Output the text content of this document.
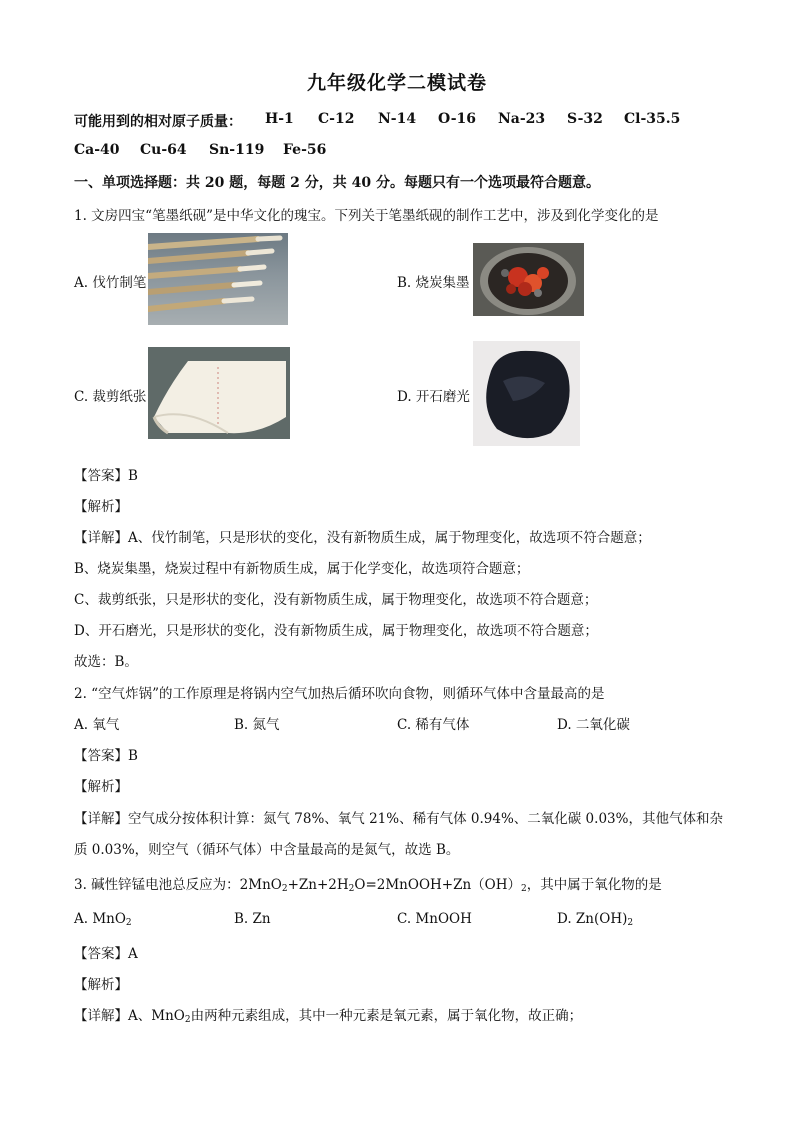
九年级化学二模试卷
可能用到的相对原子质量： H-1 C-12 N-14 O-16 Na-23 S-32 Cl-35.5
Ca-40 Cu-64 Sn-119 Fe-56
一、单项选择题：共 20 题，每题 2 分，共 40 分。每题只有一个选项最符合题意。
1. 文房四宝“笔墨纸砚”是中华文化的瑰宝。下列关于笔墨纸砚的制作工艺中，涉及到化学变化的是
A. 伐竹制笔	B. 烧炭集墨
C. 裁剪纸张	D. 开石磨光
【答案】B
【解析】
【详解】A、伐竹制笔，只是形状的变化，没有新物质生成，属于物理变化，故选项不符合题意；
B、烧炭集墨，烧炭过程中有新物质生成，属于化学变化，故选项符合题意；
C、裁剪纸张，只是形状的变化，没有新物质生成，属于物理变化，故选项不符合题意；
D、开石磨光，只是形状的变化，没有新物质生成，属于物理变化，故选项不符合题意；
故选：B。
2. “空气炸锅”的工作原理是将锅内空气加热后循环吹向食物，则循环气体中含量最高的是
A. 氧气	B. 氮气	C. 稀有气体	D. 二氧化碳
【答案】B
【解析】
【详解】空气成分按体积计算：氮气 78%、氧气 21%、稀有气体 0.94%、二氧化碳 0.03%，其他气体和杂
质 0.03%，则空气（循环气体）中含量最高的是氮气，故选 B。
3. 碱性锌锰电池总反应为：$2MnO_2+Zn+2H_2O=2MnOOH+Zn(OH)_2$，其中属于氧化物的是
A. MnO$_2$	B. Zn	C. MnOOH	D. $Zn(OH)_2$
【答案】A
【解析】
【详解】A、MnO$_2$由两种元素组成，其中一种元素是氧元素，属于氧化物，故正确；
